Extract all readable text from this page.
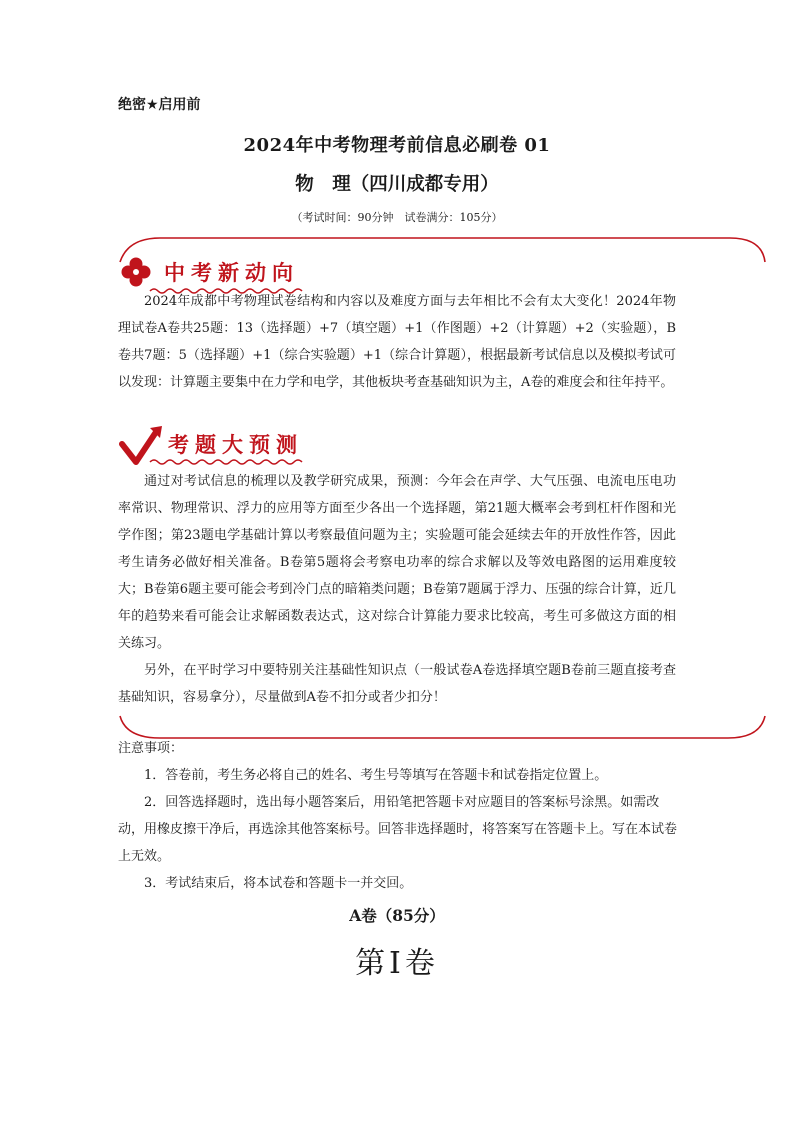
绝密★启用前
2024年中考物理考前信息必刷卷 01
物　理（四川成都专用）
（考试时间：90分钟　试卷满分：105分）
中考新动向

2024年成都中考物理试卷结构和内容以及难度方面与去年相比不会有太大变化！2024年物理试卷A卷共25题：13（选择题）+7（填空题）+1（作图题）+2（计算题）+2（实验题），B卷共7题：5（选择题）+1（综合实验题）+1（综合计算题），根据最新考试信息以及模拟考试可以发现：计算题主要集中在力学和电学，其他板块考查基础知识为主，A卷的难度会和往年持平。

考题大预测

通过对考试信息的梳理以及教学研究成果，预测：今年会在声学、大气压强、电流电压电功率常识、物理常识、浮力的应用等方面至少各出一个选择题，第21题大概率会考到杠杆作图和光学作图；第23题电学基础计算以考察最值问题为主；实验题可能会延续去年的开放性作答，因此考生请务必做好相关准备。B卷第5题将会考察电功率的综合求解以及等效电路图的运用难度较大；B卷第6题主要可能会考到冷门点的暗箱类问题；B卷第7题属于浮力、压强的综合计算，近几年的趋势来看可能会让求解函数表达式，这对综合计算能力要求比较高，考生可多做这方面的相关练习。

另外，在平时学习中要特别关注基础性知识点（一般试卷A卷选择填空题B卷前三题直接考查基础知识，容易拿分），尽量做到A卷不扣分或者少扣分！

注意事项：

1．答卷前，考生务必将自己的姓名、考生号等填写在答题卡和试卷指定位置上。

2．回答选择题时，选出每小题答案后，用铅笔把答题卡对应题目的答案标号涂黑。如需改动，用橡皮擦干净后，再选涂其他答案标号。回答非选择题时，将答案写在答题卡上。写在本试卷上无效。

3．考试结束后，将本试卷和答题卡一并交回。

A卷（85分）
第Ⅰ卷
